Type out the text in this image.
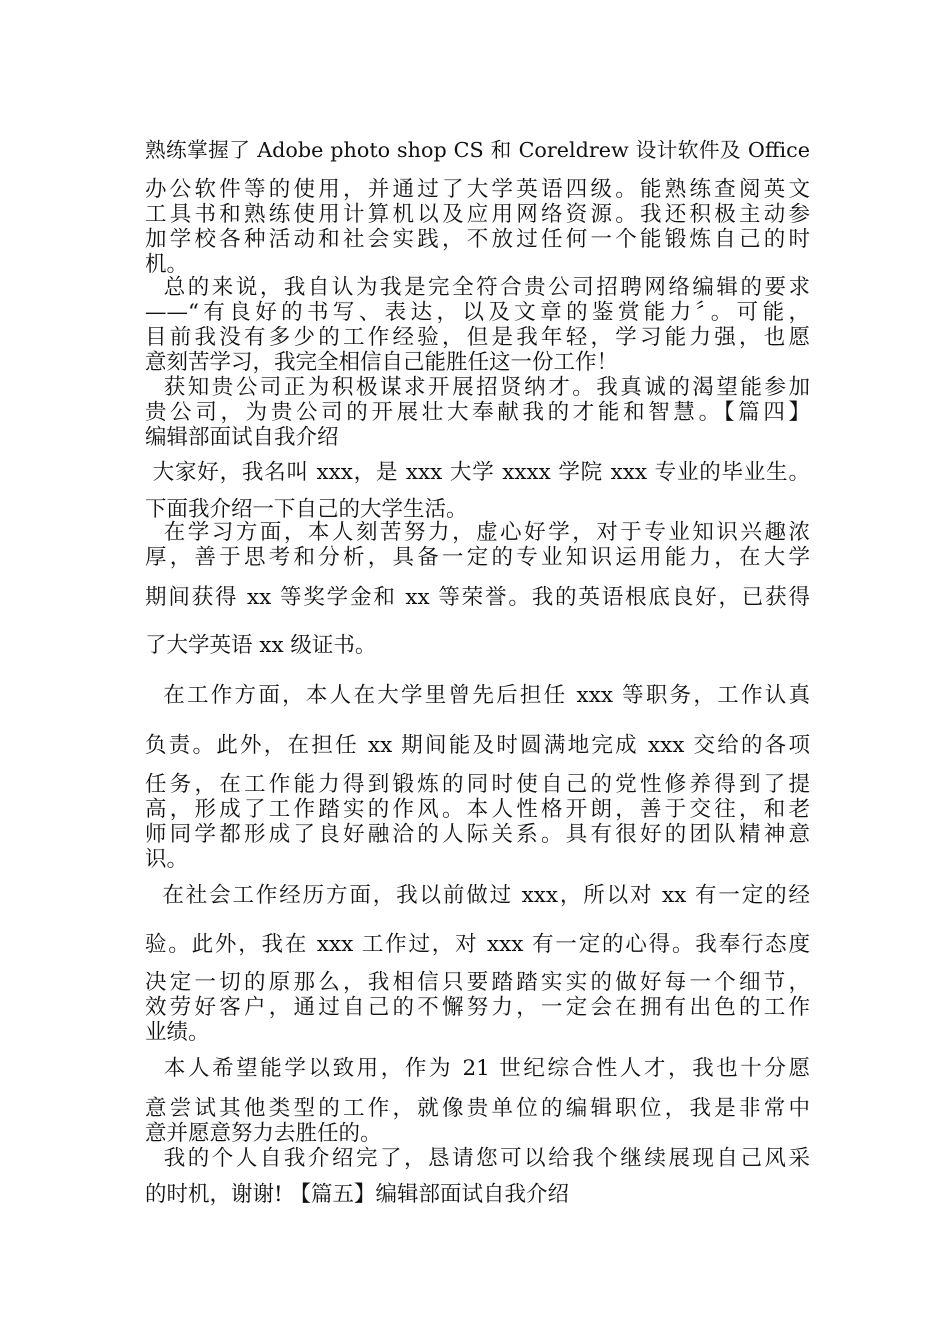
熟练掌握了 Adobe photo shop CS 和 Coreldrew 设计软件及 Office
办公软件等的使用，并通过了大学英语四级。能熟练查阅英文
工具书和熟练使用计算机以及应用网络资源。我还积极主动参
加学校各种活动和社会实践，不放过任何一个能锻炼自己的时
机。
总的来说，我自认为我是完全符合贵公司招聘网络编辑的要求
——“有良好的书写、表达，以及文章的鉴赏能力〞。可能，
目前我没有多少的工作经验，但是我年轻，学习能力强，也愿
意刻苦学习，我完全相信自己能胜任这一份工作！
获知贵公司正为积极谋求开展招贤纳才。我真诚的渴望能参加
贵公司，为贵公司的开展壮大奉献我的才能和智慧。【篇四】
编辑部面试自我介绍
大家好，我名叫 xxx，是 xxx 大学 xxxx 学院 xxx 专业的毕业生。
下面我介绍一下自己的大学生活。
在学习方面，本人刻苦努力，虚心好学，对于专业知识兴趣浓
厚，善于思考和分析，具备一定的专业知识运用能力，在大学
期间获得 xx 等奖学金和 xx 等荣誉。我的英语根底良好，已获得
了大学英语 xx 级证书。
在工作方面，本人在大学里曾先后担任 xxx 等职务，工作认真
负责。此外，在担任 xx 期间能及时圆满地完成 xxx 交给的各项
任务，在工作能力得到锻炼的同时使自己的党性修养得到了提
高，形成了工作踏实的作风。本人性格开朗，善于交往，和老
师同学都形成了良好融洽的人际关系。具有很好的团队精神意
识。
在社会工作经历方面，我以前做过 xxx，所以对 xx 有一定的经
验。此外，我在 xxx 工作过，对 xxx 有一定的心得。我奉行态度
决定一切的原那么，我相信只要踏踏实实的做好每一个细节，
效劳好客户，通过自己的不懈努力，一定会在拥有出色的工作
业绩。
本人希望能学以致用，作为 21 世纪综合性人才，我也十分愿
意尝试其他类型的工作，就像贵单位的编辑职位，我是非常中
意并愿意努力去胜任的。
我的个人自我介绍完了，恳请您可以给我个继续展现自己风采
的时机，谢谢! 【篇五】编辑部面试自我介绍
